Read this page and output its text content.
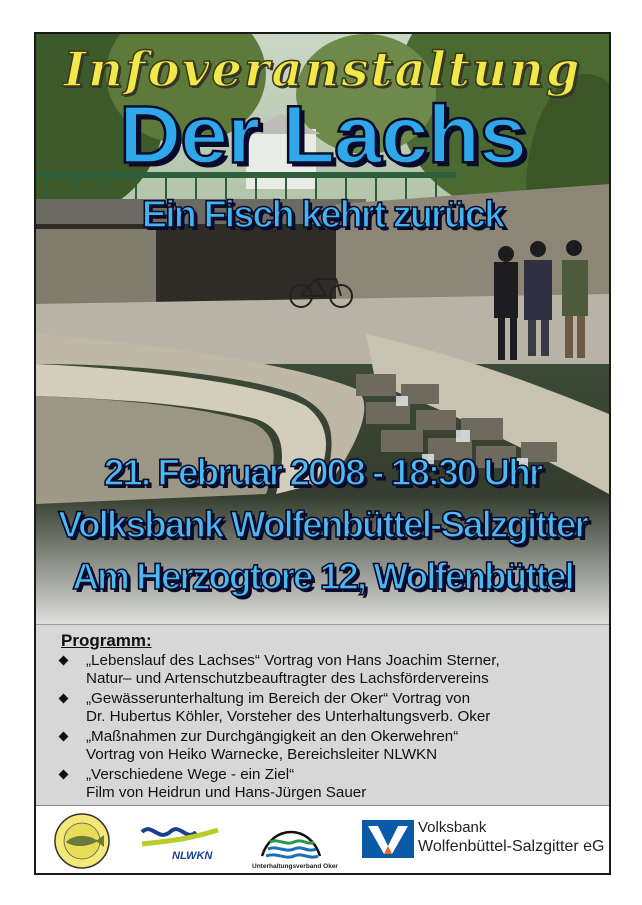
Infoveranstaltung
Der Lachs
Ein Fisch kehrt zurück
21. Februar 2008 - 18:30 Uhr
Volksbank Wolfenbüttel-Salzgitter
Am Herzogtore 12, Wolfenbüttel
Programm:
„Lebenslauf des Lachses“ Vortrag von Hans Joachim Sterner,
Natur– und Artenschutzbeauftragter des Lachsfördervereins
„Gewässerunterhaltung im Bereich der Oker“ Vortrag von
Dr. Hubertus Köhler, Vorsteher des Unterhaltungsverb. Oker
„Maßnahmen zur Durchgängigkeit an den Okerwehren“
Vortrag von Heiko Warnecke, Bereichsleiter NLWKN
„Verschiedene Wege - ein Ziel“
Film von Heidrun und Hans-Jürgen Sauer
NLWKN
Unterhaltungsverband Oker
Volksbank
Wolfenbüttel-Salzgitter eG
